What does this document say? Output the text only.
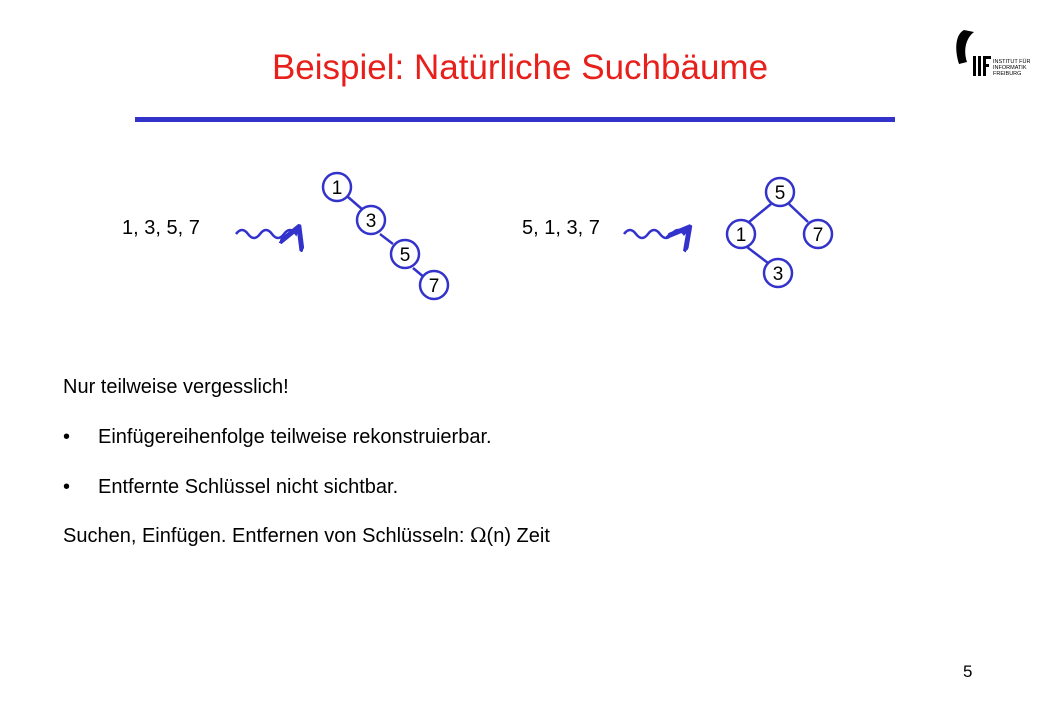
Beispiel: Natürliche Suchbäume	INSTITUT FÜR
INFORMATIK
FREIBURG
1, 3, 5, 7	5, 1, 3, 7
1
3
5
7
5
1	7
3
Nur teilweise vergesslich!
• Einfügereihenfolge teilweise rekonstruierbar.
• Entfernte Schlüssel nicht sichtbar.
Suchen, Einfügen. Entfernen von Schlüsseln: Ω(n) Zeit
5
